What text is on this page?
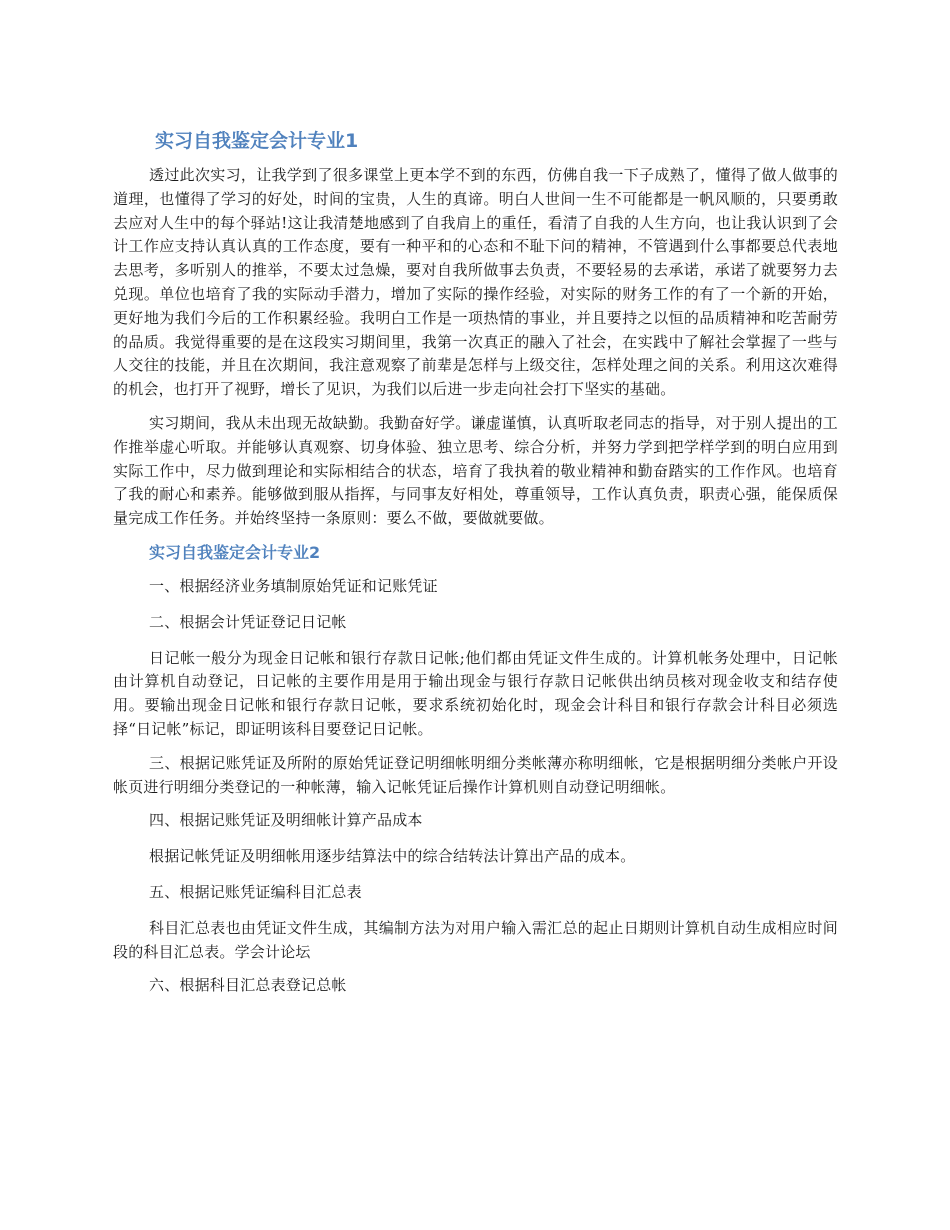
实习自我鉴定会计专业1

透过此次实习，让我学到了很多课堂上更本学不到的东西，仿佛自我一下子成熟了，懂得了做人做事的道理，也懂得了学习的好处，时间的宝贵，人生的真谛。明白人世间一生不可能都是一帆风顺的，只要勇敢去应对人生中的每个驿站!这让我清楚地感到了自我肩上的重任，看清了自我的人生方向，也让我认识到了会计工作应支持认真认真的工作态度，要有一种平和的心态和不耻下问的精神，不管遇到什么事都要总代表地去思考，多听别人的推举，不要太过急燥，要对自我所做事去负责，不要轻易的去承诺，承诺了就要努力去兑现。单位也培育了我的实际动手潜力，增加了实际的操作经验，对实际的财务工作的有了一个新的开始，更好地为我们今后的工作积累经验。我明白工作是一项热情的事业，并且要持之以恒的品质精神和吃苦耐劳的品质。我觉得重要的是在这段实习期间里，我第一次真正的融入了社会，在实践中了解社会掌握了一些与人交往的技能，并且在次期间，我注意观察了前辈是怎样与上级交往，怎样处理之间的关系。利用这次难得的机会，也打开了视野，增长了见识，为我们以后进一步走向社会打下坚实的基础。

实习期间，我从未出现无故缺勤。我勤奋好学。谦虚谨慎，认真听取老同志的指导，对于别人提出的工作推举虚心听取。并能够认真观察、切身体验、独立思考、综合分析，并努力学到把学样学到的明白应用到实际工作中，尽力做到理论和实际相结合的状态，培育了我执着的敬业精神和勤奋踏实的工作作风。也培育了我的耐心和素养。能够做到服从指挥，与同事友好相处，尊重领导，工作认真负责，职责心强，能保质保量完成工作任务。并始终坚持一条原则：要么不做，要做就要做。

实习自我鉴定会计专业2

一、根据经济业务填制原始凭证和记账凭证

二、根据会计凭证登记日记帐

日记帐一般分为现金日记帐和银行存款日记帐;他们都由凭证文件生成的。计算机帐务处理中，日记帐由计算机自动登记，日记帐的主要作用是用于输出现金与银行存款日记帐供出纳员核对现金收支和结存使用。要输出现金日记帐和银行存款日记帐，要求系统初始化时，现金会计科目和银行存款会计科目必须选择“日记帐”标记，即证明该科目要登记日记帐。

三、根据记账凭证及所附的原始凭证登记明细帐明细分类帐薄亦称明细帐，它是根据明细分类帐户开设帐页进行明细分类登记的一种帐薄，输入记帐凭证后操作计算机则自动登记明细帐。

四、根据记账凭证及明细帐计算产品成本

根据记帐凭证及明细帐用逐步结算法中的综合结转法计算出产品的成本。

五、根据记账凭证编科目汇总表

科目汇总表也由凭证文件生成，其编制方法为对用户输入需汇总的起止日期则计算机自动生成相应时间段的科目汇总表。学会计论坛

六、根据科目汇总表登记总帐
